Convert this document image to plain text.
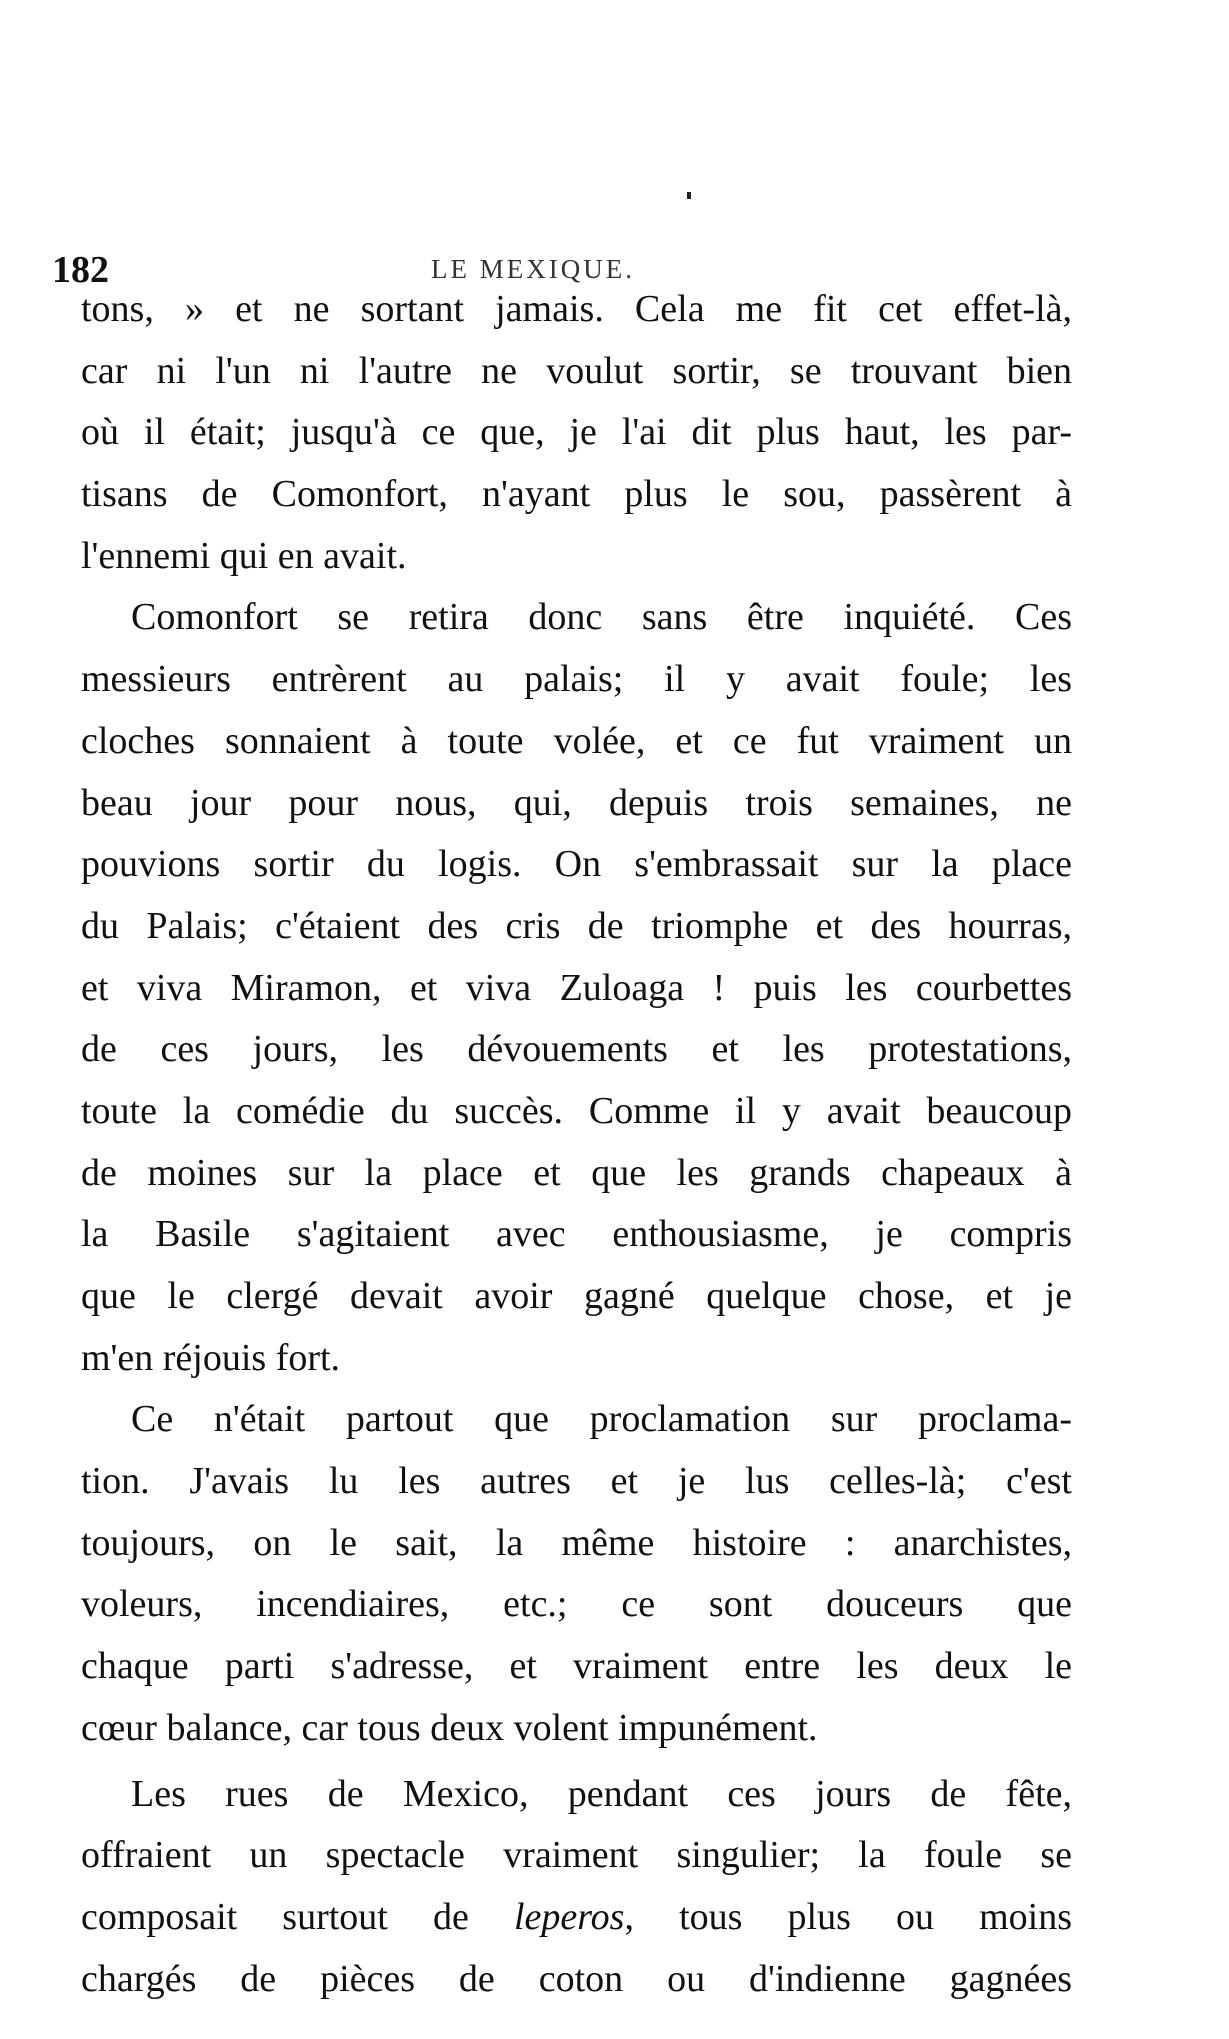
182	LE MEXIQUE.
tons, » et ne sortant jamais. Cela me fit cet effet-là,
car ni l'un ni l'autre ne voulut sortir, se trouvant bien
où il était; jusqu'à ce que, je l'ai dit plus haut, les par-
tisans de Comonfort, n'ayant plus le sou, passèrent à
l'ennemi qui en avait.
Comonfort se retira donc sans être inquiété. Ces
messieurs entrèrent au palais; il y avait foule; les
cloches sonnaient à toute volée, et ce fut vraiment un
beau jour pour nous, qui, depuis trois semaines, ne
pouvions sortir du logis. On s'embrassait sur la place
du Palais; c'étaient des cris de triomphe et des hourras,
et viva Miramon, et viva Zuloaga ! puis les courbettes
de ces jours, les dévouements et les protestations,
toute la comédie du succès. Comme il y avait beaucoup
de moines sur la place et que les grands chapeaux à
la Basile s'agitaient avec enthousiasme, je compris
que le clergé devait avoir gagné quelque chose, et je
m'en réjouis fort.
Ce n'était partout que proclamation sur proclama-
tion. J'avais lu les autres et je lus celles-là; c'est
toujours, on le sait, la même histoire : anarchistes,
voleurs, incendiaires, etc.; ce sont douceurs que
chaque parti s'adresse, et vraiment entre les deux le
cœur balance, car tous deux volent impunément.
Les rues de Mexico, pendant ces jours de fête,
offraient un spectacle vraiment singulier; la foule se
composait surtout de leperos, tous plus ou moins
chargés de pièces de coton ou d'indienne gagnées
